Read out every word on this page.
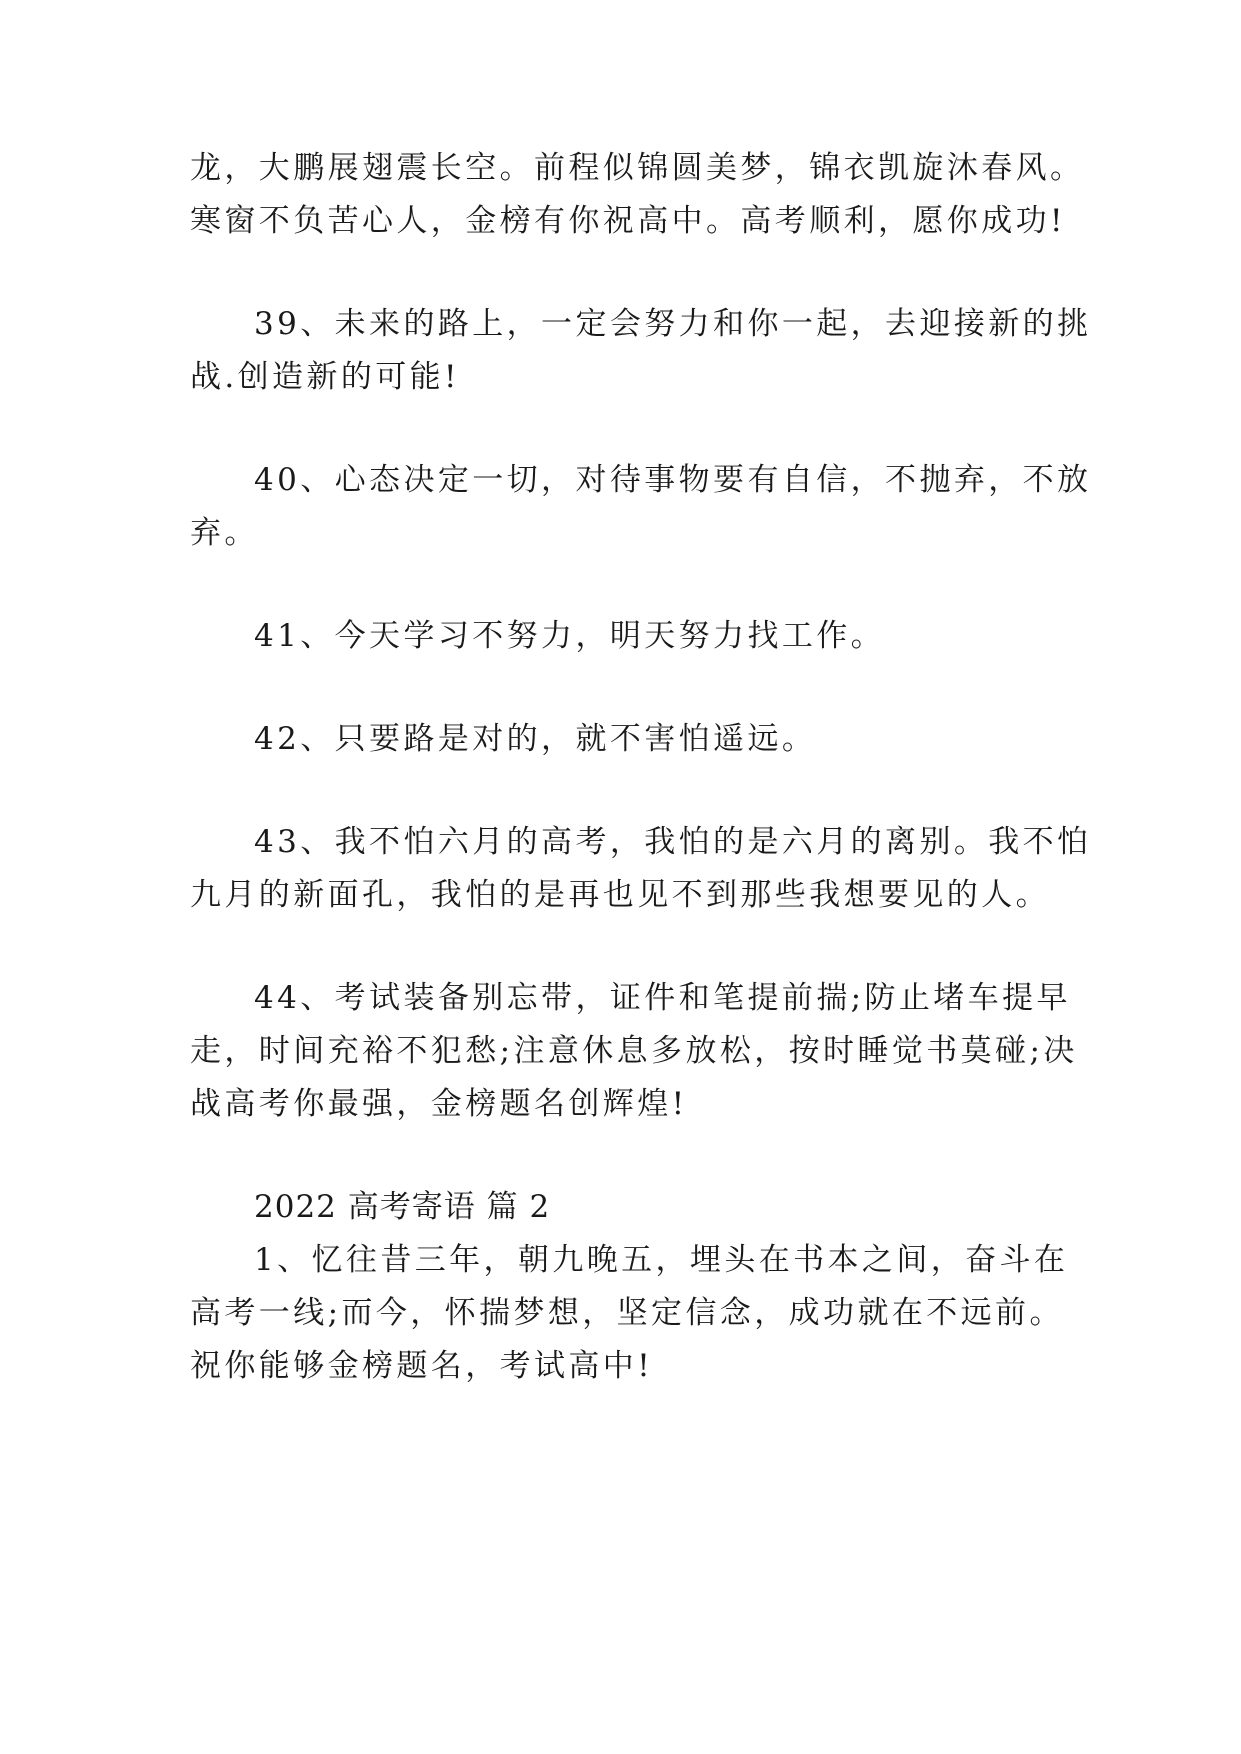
龙，大鹏展翅震长空。前程似锦圆美梦，锦衣凯旋沐春风。
寒窗不负苦心人，金榜有你祝高中。高考顺利，愿你成功!
39、未来的路上，一定会努力和你一起，去迎接新的挑
战.创造新的可能!
40、心态决定一切，对待事物要有自信，不抛弃，不放
弃。
41、今天学习不努力，明天努力找工作。
42、只要路是对的，就不害怕遥远。
43、我不怕六月的高考，我怕的是六月的离别。我不怕
九月的新面孔，我怕的是再也见不到那些我想要见的人。
44、考试装备别忘带，证件和笔提前揣;防止堵车提早
走，时间充裕不犯愁;注意休息多放松，按时睡觉书莫碰;决
战高考你最强，金榜题名创辉煌!
2022 高考寄语 篇 2
1、忆往昔三年，朝九晚五，埋头在书本之间，奋斗在
高考一线;而今，怀揣梦想，坚定信念，成功就在不远前。
祝你能够金榜题名，考试高中!
